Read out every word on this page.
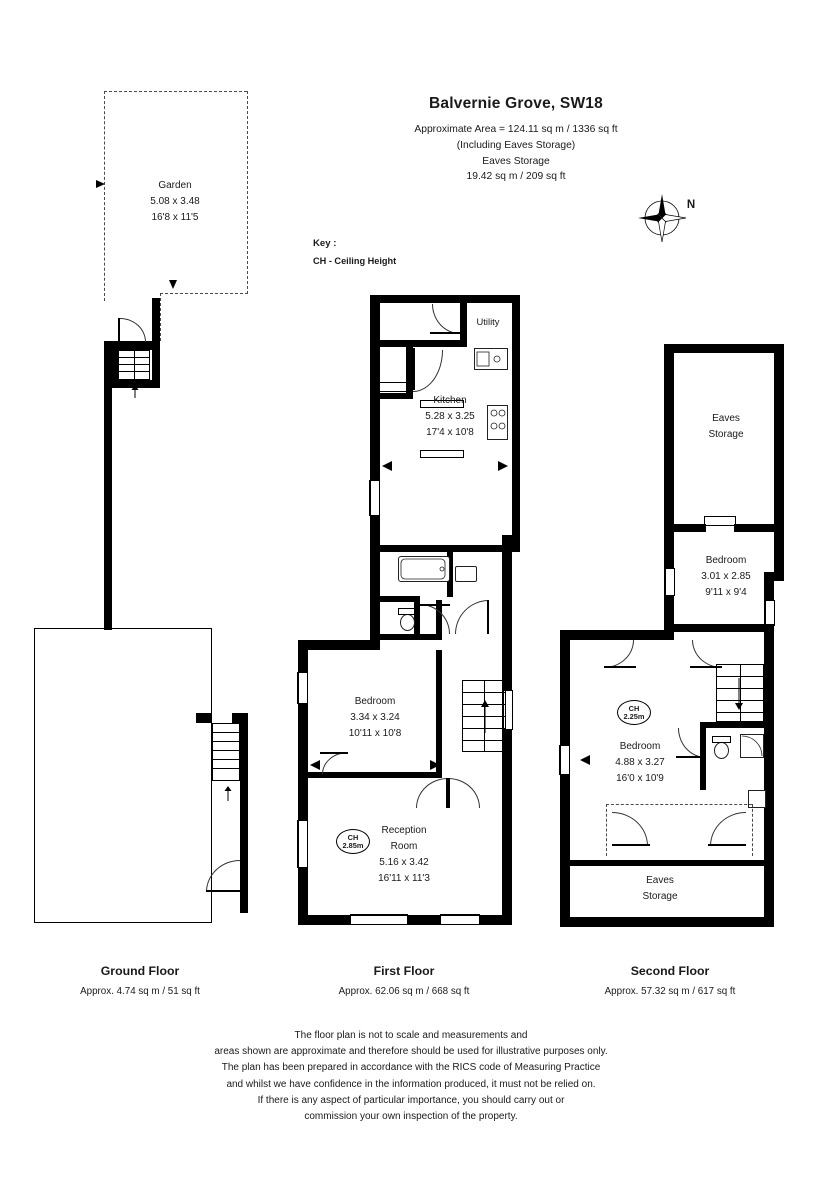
Balvernie Grove, SW18
Approximate Area = 124.11 sq m / 1336 sq ft
(Including Eaves Storage)
Eaves Storage
19.42 sq m / 209 sq ft
Key :
CH - Ceiling Height
N
Garden
5.08 x 3.48
16'8 x 11'5
Ground Floor
Approx. 4.74 sq m / 51 sq ft
Utility
Kitchen
5.28 x 3.25
17'4 x 10'8
Bedroom
3.34 x 3.24
10'11 x 10'8
CH
2.85m
Reception
Room
5.16 x 3.42
16'11 x 11'3
First Floor
Approx. 62.06 sq m / 668 sq ft
Eaves
Storage
Bedroom
3.01 x 2.85
9'11 x 9'4
CH
2.25m
Bedroom
4.88 x 3.27
16'0 x 10'9
Eaves
Storage
Second Floor
Approx. 57.32 sq m / 617 sq ft
The floor plan is not to scale and measurements and
areas shown are approximate and therefore should be used for illustrative purposes only.
The plan has been prepared in accordance with the RICS code of Measuring Practice
and whilst we have confidence in the information produced, it must not be relied on.
If there is any aspect of particular importance, you should carry out or
commission your own inspection of the property.
